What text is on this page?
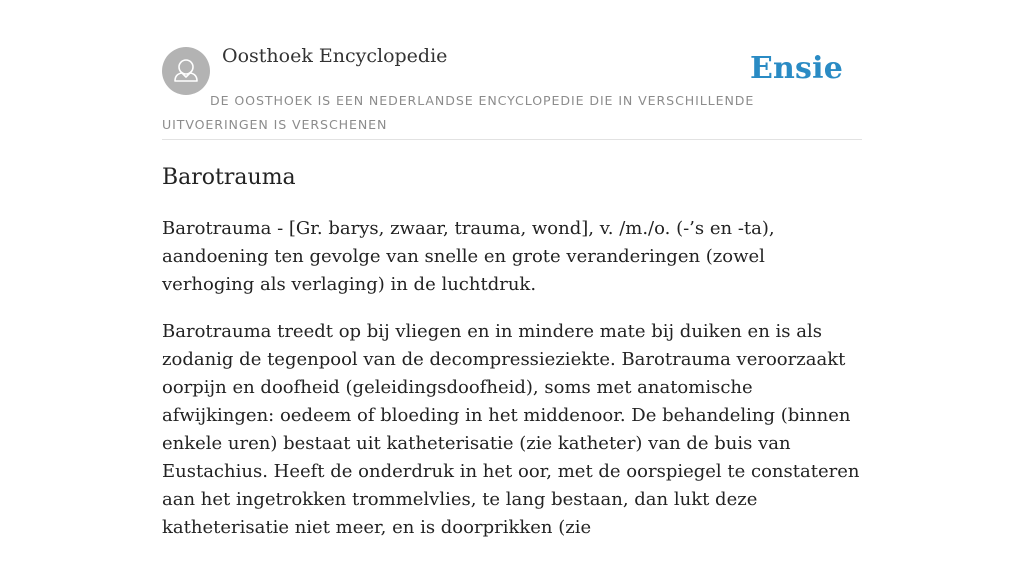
Oosthoek Encyclopedie	Ensie

DE OOSTHOEK IS EEN NEDERLANDSE ENCYCLOPEDIE DIE IN VERSCHILLENDE UITVOERINGEN IS VERSCHENEN

Barotrauma

Barotrauma - [Gr. barys, zwaar, trauma, wond], v. /m./o. (-’s en -ta), aandoening ten gevolge van snelle en grote veranderingen (zowel verhoging als verlaging) in de luchtdruk.

Barotrauma treedt op bij vliegen en in mindere mate bij duiken en is als zodanig de tegenpool van de decompressieziekte. Barotrauma veroorzaakt oorpijn en doofheid (geleidingsdoofheid), soms met anatomische afwijkingen: oedeem of bloeding in het middenoor. De behandeling (binnen enkele uren) bestaat uit katheterisatie (zie katheter) van de buis van Eustachius. Heeft de onderdruk in het oor, met de oorspiegel te constateren aan het ingetrokken trommelvlies, te lang bestaan, dan lukt deze katheterisatie niet meer, en is doorprikken (zie
